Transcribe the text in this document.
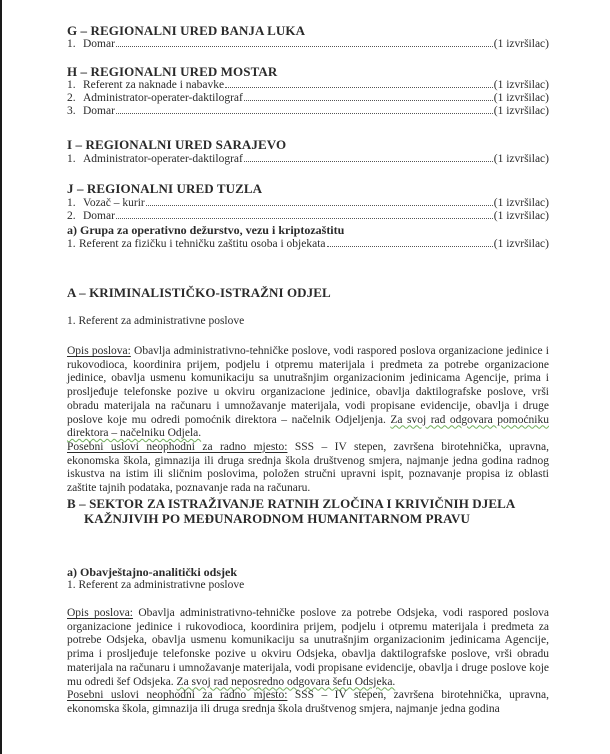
G – REGIONALNI URED BANJA LUKA
1. Domar	(1 izvršilac)
H – REGIONALNI URED MOSTAR
1. Referent za naknade i nabavke	(1 izvršilac)
2. Administrator-operater-daktilograf	(1 izvršilac)
3. Domar	(1 izvršilac)
I – REGIONALNI URED SARAJEVO
1. Administrator-operater-daktilograf	(1 izvršilac)
J – REGIONALNI URED TUZLA
1. Vozač – kurir	(1 izvršilac)
2. Domar	(1 izvršilac)
a) Grupa za operativno dežurstvo, vezu i kriptozaštitu
1. Referent za fizičku i tehničku zaštitu osoba i objekata	(1 izvršilac)
A – KRIMINALISTIČKO-ISTRAŽNI ODJEL
1. Referent za administrativne poslove
Opis poslova: Obavlja administrativno-tehničke poslove, vodi raspored poslova organizacione jedinice i rukovodioca, koordinira prijem, podjelu i otpremu materijala i predmeta za potrebe organizacione jedinice, obavlja usmenu komunikaciju sa unutrašnjim organizacionim jedinicama Agencije, prima i prosljeđuje telefonske pozive u okviru organizacione jedinice, obavlja daktilografske poslove, vrši obradu materijala na računaru i umnožavanje materijala, vodi propisane evidencije, obavlja i druge poslove koje mu odredi pomoćnik direktora – načelnik Odjeljenja. Za svoj rad odgovara pomoćniku direktora – načelniku Odjela.
Posebni uslovi neophodni za radno mjesto: SSS – IV stepen, završena birotehnička, upravna, ekonomska škola, gimnazija ili druga srednja škola društvenog smjera, najmanje jedna godina radnog iskustva na istim ili sličnim poslovima, položen stručni upravni ispit, poznavanje propisa iz oblasti zaštite tajnih podataka, poznavanje rada na računaru.
B – SEKTOR ZA ISTRAŽIVANJE RATNIH ZLOČINA I KRIVIČNIH DJELA
KAŽNJIVIH PO MEĐUNARODNOM HUMANITARNOM PRAVU
a) Obavještajno-analitički odsjek
1. Referent za administrativne poslove
Opis poslova: Obavlja administrativno-tehničke poslove za potrebe Odsjeka, vodi raspored poslova organizacione jedinice i rukovodioca, koordinira prijem, podjelu i otpremu materijala i predmeta za potrebe Odsjeka, obavlja usmenu komunikaciju sa unutrašnjim organizacionim jedinicama Agencije, prima i prosljeđuje telefonske pozive u okviru Odsjeka, obavlja daktilografske poslove, vrši obradu materijala na računaru i umnožavanje materijala, vodi propisane evidencije, obavlja i druge poslove koje mu odredi šef Odsjeka. Za svoj rad neposredno odgovara šefu Odsjeka.
Posebni uslovi neophodni za radno mjesto: SSS – IV stepen, završena birotehnička, upravna, ekonomska škola, gimnazija ili druga srednja škola društvenog smjera, najmanje jedna godina
